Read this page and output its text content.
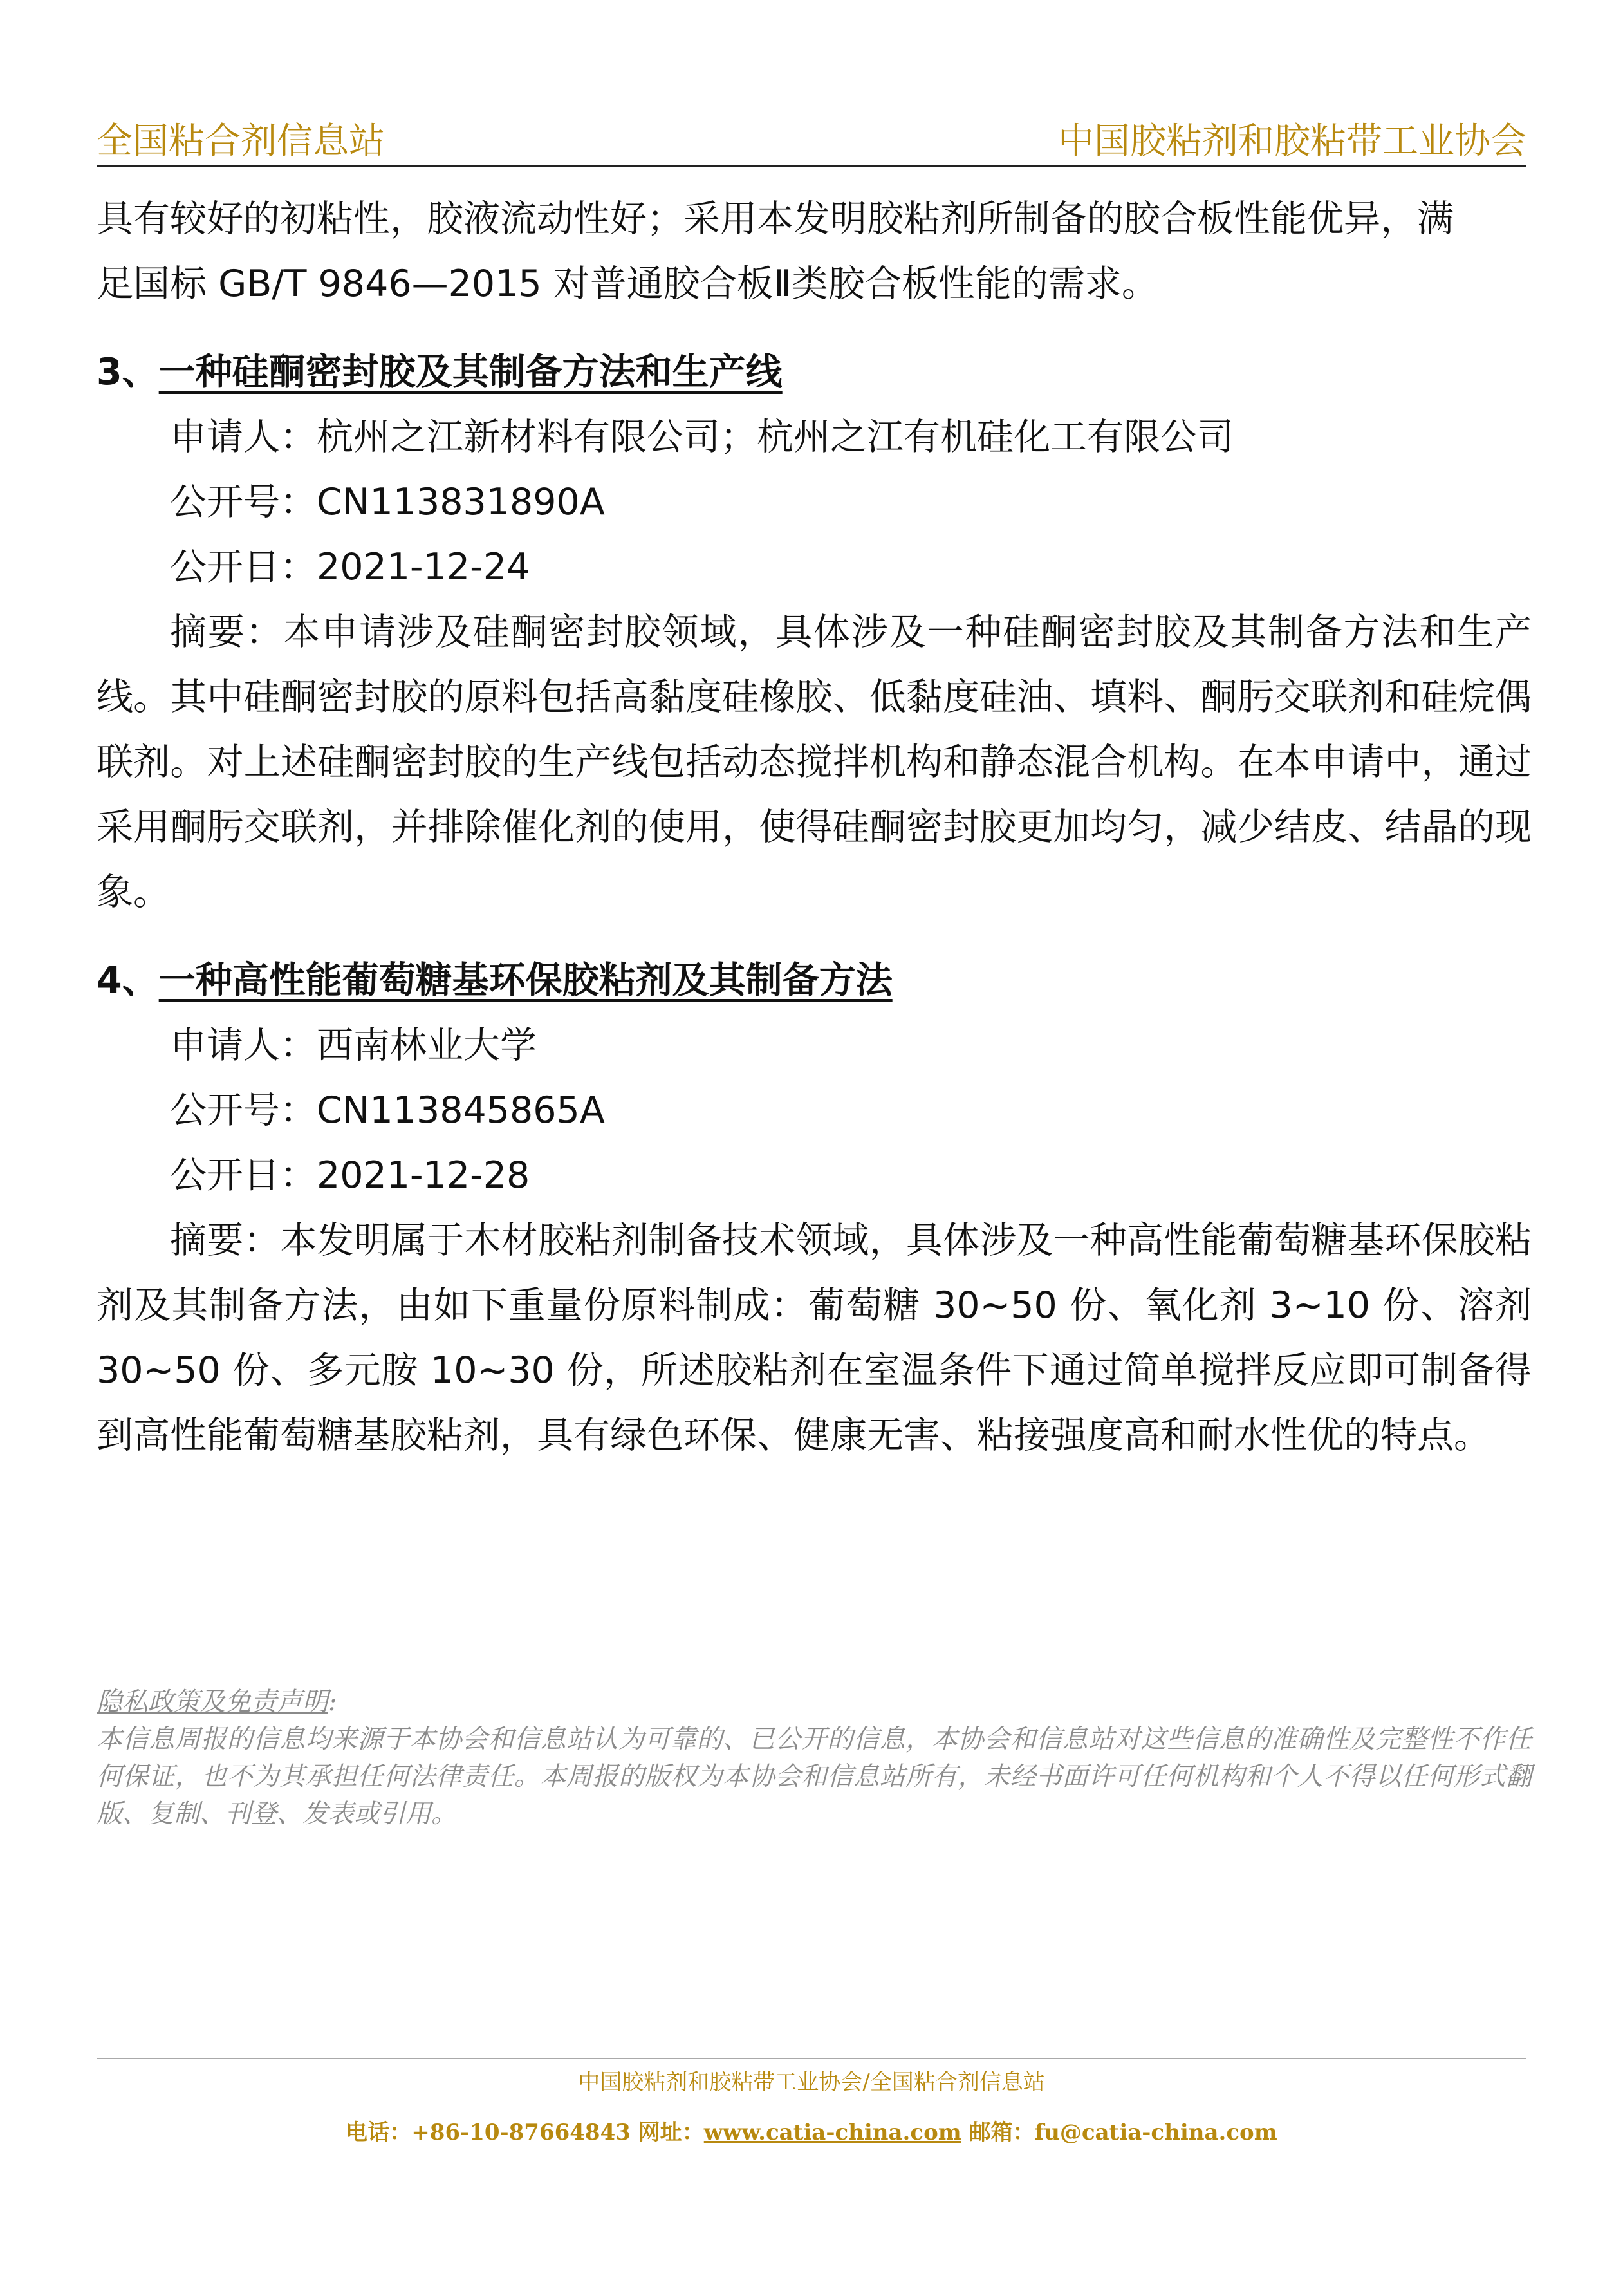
全国粘合剂信息站	中国胶粘剂和胶粘带工业协会

具有较好的初粘性，胶液流动性好；采用本发明胶粘剂所制备的胶合板性能优异，满

足国标 GB/T 9846—2015 对普通胶合板Ⅱ类胶合板性能的需求。

3、一种硅酮密封胶及其制备方法和生产线

申请人：杭州之江新材料有限公司；杭州之江有机硅化工有限公司

公开号：CN113831890A

公开日：2021-12-24

摘要：本申请涉及硅酮密封胶领域，具体涉及一种硅酮密封胶及其制备方法和生产线。其中硅酮密封胶的原料包括高黏度硅橡胶、低黏度硅油、填料、酮肟交联剂和硅烷偶联剂。对上述硅酮密封胶的生产线包括动态搅拌机构和静态混合机构。在本申请中，通过采用酮肟交联剂，并排除催化剂的使用，使得硅酮密封胶更加均匀，减少结皮、结晶的现象。

4、一种高性能葡萄糖基环保胶粘剂及其制备方法

申请人：西南林业大学

公开号：CN113845865A

公开日：2021-12-28

摘要：本发明属于木材胶粘剂制备技术领域，具体涉及一种高性能葡萄糖基环保胶粘剂及其制备方法，由如下重量份原料制成：葡萄糖 30~50 份、氧化剂 3~10 份、溶剂 30~50 份、多元胺 10~30 份，所述胶粘剂在室温条件下通过简单搅拌反应即可制备得到高性能葡萄糖基胶粘剂，具有绿色环保、健康无害、粘接强度高和耐水性优的特点。

隐私政策及免责声明:

本信息周报的信息均来源于本协会和信息站认为可靠的、已公开的信息，本协会和信息站对这些信息的准确性及完整性不作任何保证，也不为其承担任何法律责任。本周报的版权为本协会和信息站所有，未经书面许可任何机构和个人不得以任何形式翻版、复制、刊登、发表或引用。

中国胶粘剂和胶粘带工业协会/全国粘合剂信息站
电话：+86-10-87664843 网址：www.catia-china.com 邮箱：fu@catia-china.com
